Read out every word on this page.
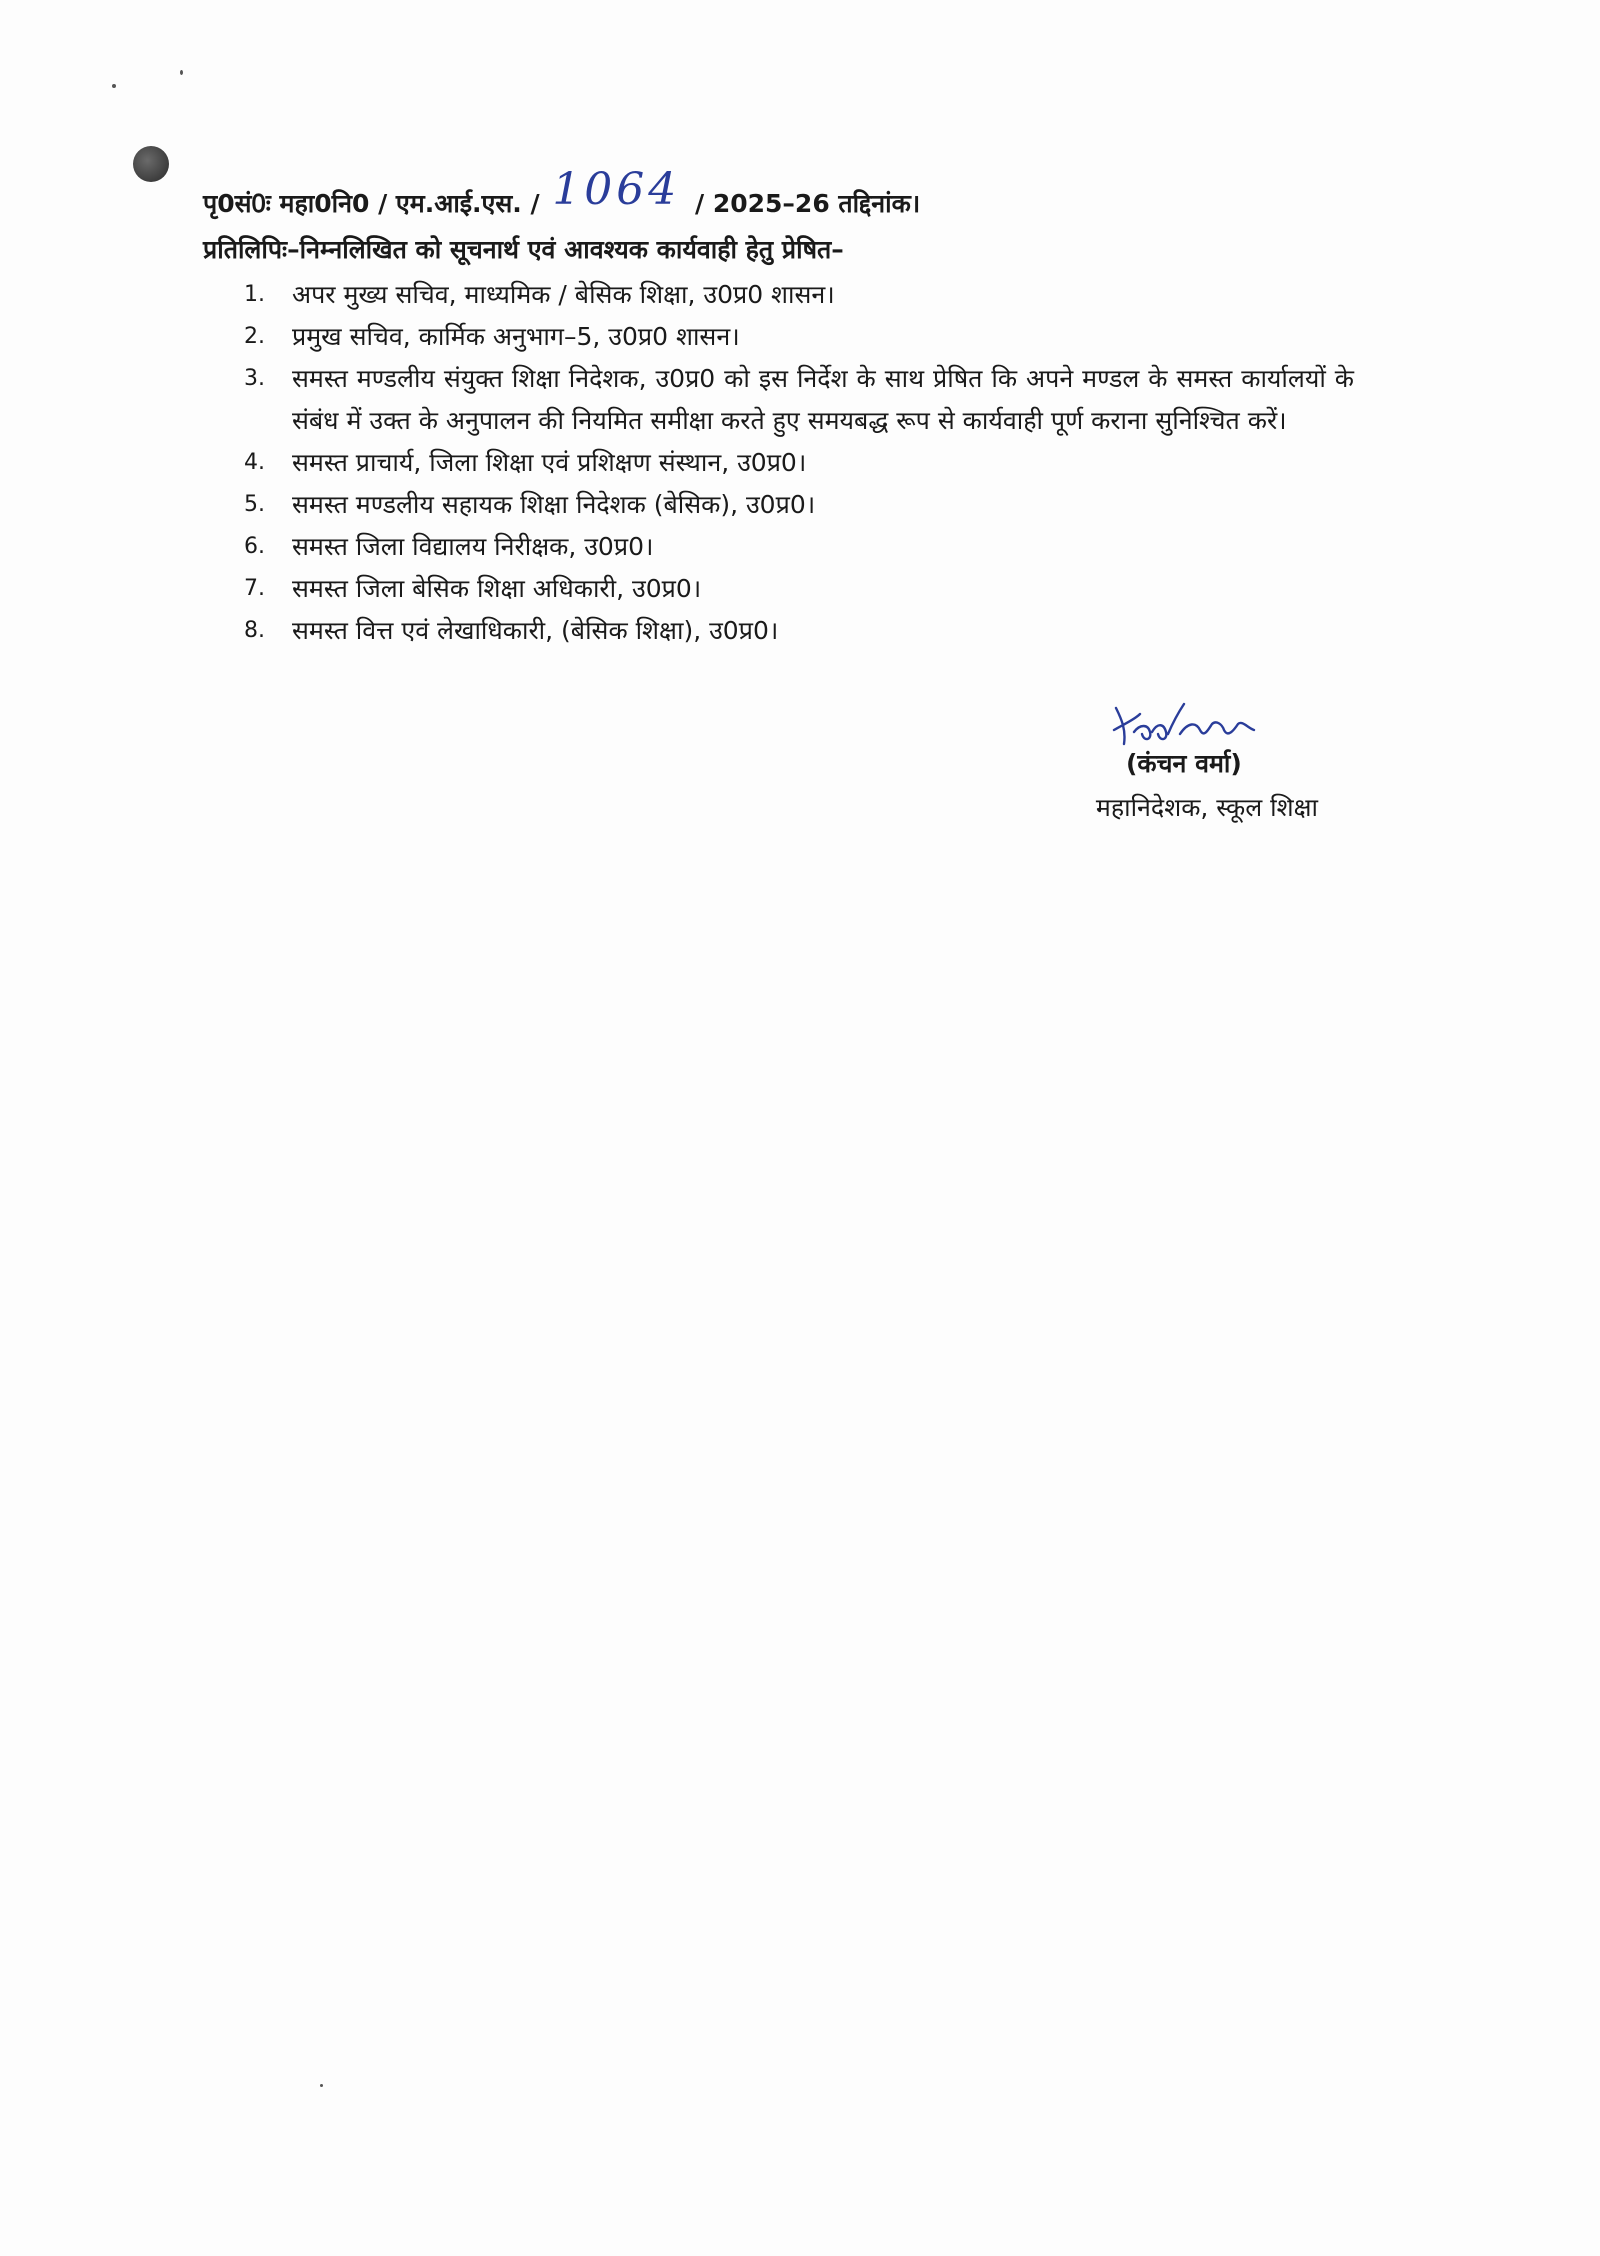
पृ0सं0ः महा0नि0 / एम.आई.एस. / 1064 / 2025–26 तद्दिनांक।
प्रतिलिपिः–निम्नलिखित को सूचनार्थ एवं आवश्यक कार्यवाही हेतु प्रेषित–
1. अपर मुख्य सचिव, माध्यमिक / बेसिक शिक्षा, उ0प्र0 शासन।
2. प्रमुख सचिव, कार्मिक अनुभाग–5, उ0प्र0 शासन।
3. समस्त मण्डलीय संयुक्त शिक्षा निदेशक, उ0प्र0 को इस निर्देश के साथ प्रेषित कि अपने मण्डल के समस्त कार्यालयों के संबंध में उक्त के अनुपालन की नियमित समीक्षा करते हुए समयबद्ध रूप से कार्यवाही पूर्ण कराना सुनिश्चित करें।
4. समस्त प्राचार्य, जिला शिक्षा एवं प्रशिक्षण संस्थान, उ0प्र0।
5. समस्त मण्डलीय सहायक शिक्षा निदेशक (बेसिक), उ0प्र0।
6. समस्त जिला विद्यालय निरीक्षक, उ0प्र0।
7. समस्त जिला बेसिक शिक्षा अधिकारी, उ0प्र0।
8. समस्त वित्त एवं लेखाधिकारी, (बेसिक शिक्षा), उ0प्र0।
(कंचन वर्मा)
महानिदेशक, स्कूल शिक्षा
